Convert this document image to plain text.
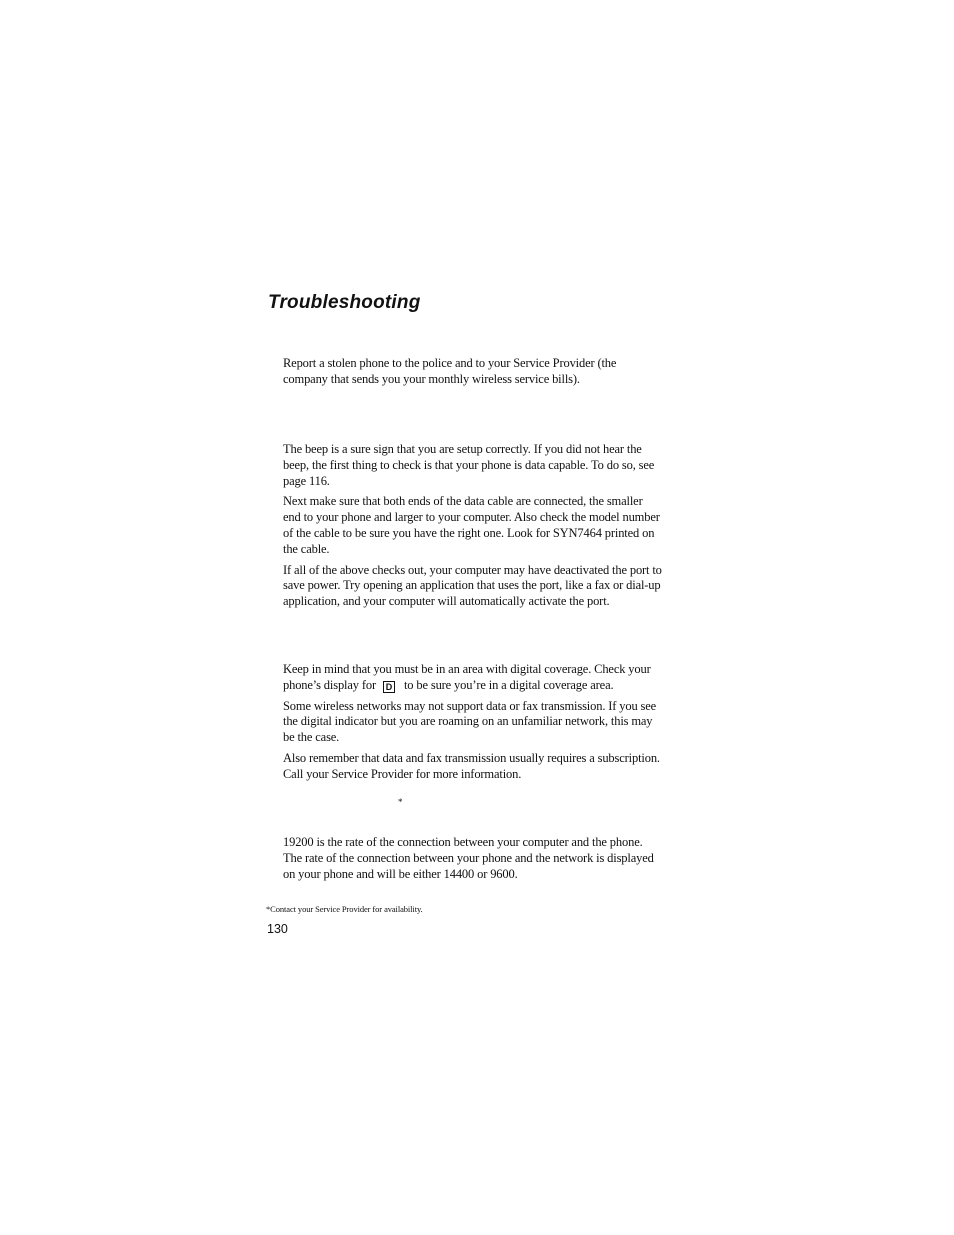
Troubleshooting

Report a stolen phone to the police and to your Service Provider (the company that sends you your monthly wireless service bills).

The beep is a sure sign that you are setup correctly. If you did not hear the beep, the first thing to check is that your phone is data capable. To do so, see page 116.

Next make sure that both ends of the data cable are connected, the smaller end to your phone and larger to your computer. Also check the model number of the cable to be sure you have the right one. Look for SYN7464 printed on the cable.

If all of the above checks out, your computer may have deactivated the port to save power. Try opening an application that uses the port, like a fax or dial-up application, and your computer will automatically activate the port.

Keep in mind that you must be in an area with digital coverage. Check your phone’s display for D to be sure you’re in a digital coverage area.

Some wireless networks may not support data or fax transmission. If you see the digital indicator but you are roaming on an unfamiliar network, this may be the case.

Also remember that data and fax transmission usually requires a subscription. Call your Service Provider for more information.

*

19200 is the rate of the connection between your computer and the phone. The rate of the connection between your phone and the network is displayed on your phone and will be either 14400 or 9600.

*Contact your Service Provider for availability.
130
